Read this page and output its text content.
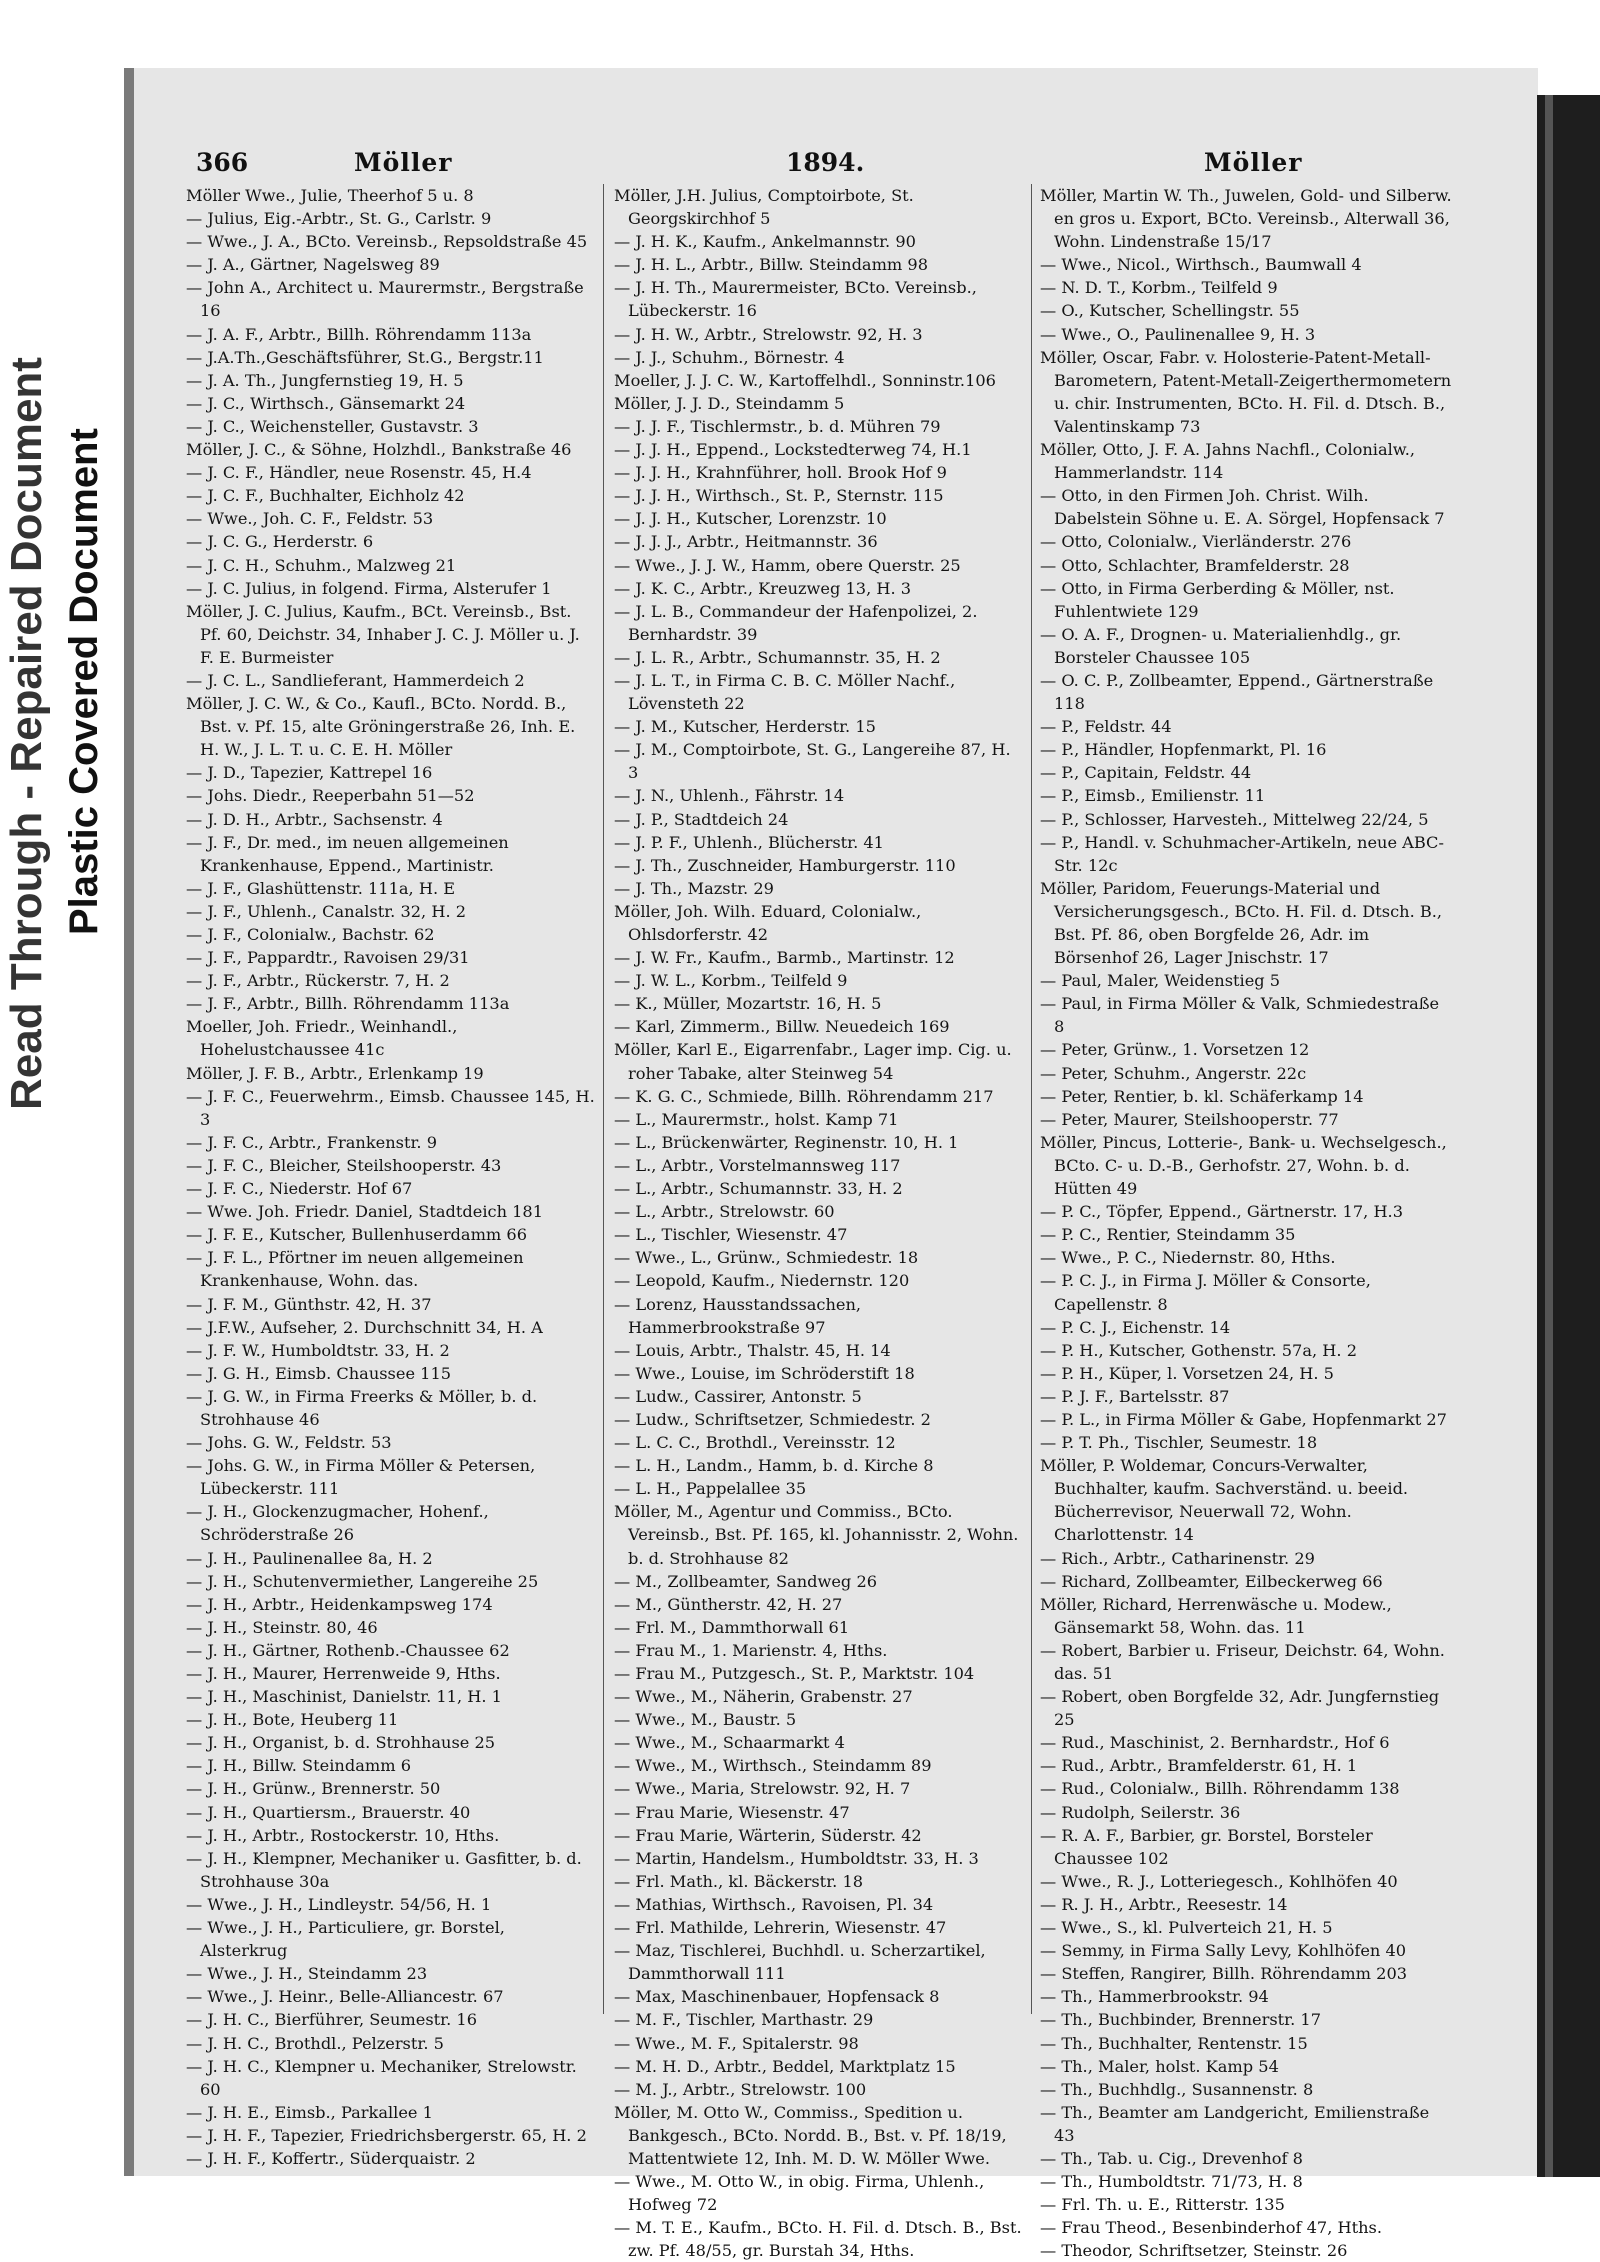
Read Through - Repaired Document Plastic Covered Document
366	Möller	1894.	Möller

Möller Wwe., Julie, Theerhof 5 u. 8

— Julius, Eig.-Arbtr., St. G., Carlstr. 9

— Wwe., J. A., BCto. Vereinsb., Repsoldstraße 45

— J. A., Gärtner, Nagelsweg 89

— John A., Architect u. Maurermstr., Bergstraße 16

— J. A. F., Arbtr., Billh. Röhrendamm 113a

— J.A.Th.,Geschäftsführer, St.G., Bergstr.11

— J. A. Th., Jungfernstieg 19, H. 5

— J. C., Wirthsch., Gänsemarkt 24

— J. C., Weichensteller, Gustavstr. 3

Möller, J. C., & Söhne, Holzhdl., Bankstraße 46

— J. C. F., Händler, neue Rosenstr. 45, H.4

— J. C. F., Buchhalter, Eichholz 42

— Wwe., Joh. C. F., Feldstr. 53

— J. C. G., Herderstr. 6

— J. C. H., Schuhm., Malzweg 21

— J. C. Julius, in folgend. Firma, Alsterufer 1

Möller, J. C. Julius, Kaufm., BCt. Vereinsb., Bst. Pf. 60, Deichstr. 34, Inhaber J. C. J. Möller u. J. F. E. Burmeister

— J. C. L., Sandlieferant, Hammerdeich 2

Möller, J. C. W., & Co., Kaufl., BCto. Nordd. B., Bst. v. Pf. 15, alte Gröningerstraße 26, Inh. E. H. W., J. L. T. u. C. E. H. Möller

— J. D., Tapezier, Kattrepel 16

— Johs. Diedr., Reeperbahn 51—52

— J. D. H., Arbtr., Sachsenstr. 4

— J. F., Dr. med., im neuen allgemeinen Krankenhause, Eppend., Martinistr.

— J. F., Glashüttenstr. 111a, H. E

— J. F., Uhlenh., Canalstr. 32, H. 2

— J. F., Colonialw., Bachstr. 62

— J. F., Pappardtr., Ravoisen 29/31

— J. F., Arbtr., Rückerstr. 7, H. 2

— J. F., Arbtr., Billh. Röhrendamm 113a

Moeller, Joh. Friedr., Weinhandl., Hohelustchaussee 41c

Möller, J. F. B., Arbtr., Erlenkamp 19

— J. F. C., Feuerwehrm., Eimsb. Chaussee 145, H. 3

— J. F. C., Arbtr., Frankenstr. 9

— J. F. C., Bleicher, Steilshooperstr. 43

— J. F. C., Niederstr. Hof 67

— Wwe. Joh. Friedr. Daniel, Stadtdeich 181

— J. F. E., Kutscher, Bullenhuserdamm 66

— J. F. L., Pförtner im neuen allgemeinen Krankenhause, Wohn. das.

— J. F. M., Günthstr. 42, H. 37

— J.F.W., Aufseher, 2. Durchschnitt 34, H. A

— J. F. W., Humboldtstr. 33, H. 2

— J. G. H., Eimsb. Chaussee 115

— J. G. W., in Firma Freerks & Möller, b. d. Strohhause 46

— Johs. G. W., Feldstr. 53

— Johs. G. W., in Firma Möller & Petersen, Lübeckerstr. 111

— J. H., Glockenzugmacher, Hohenf., Schröderstraße 26

— J. H., Paulinenallee 8a, H. 2

— J. H., Schutenvermiether, Langereihe 25

— J. H., Arbtr., Heidenkampsweg 174

— J. H., Steinstr. 80, 46

— J. H., Gärtner, Rothenb.-Chaussee 62

— J. H., Maurer, Herrenweide 9, Hths.

— J. H., Maschinist, Danielstr. 11, H. 1

— J. H., Bote, Heuberg 11

— J. H., Organist, b. d. Strohhause 25

— J. H., Billw. Steindamm 6

— J. H., Grünw., Brennerstr. 50

— J. H., Quartiersm., Brauerstr. 40

— J. H., Arbtr., Rostockerstr. 10, Hths.

— J. H., Klempner, Mechaniker u. Gasfitter, b. d. Strohhause 30a

— Wwe., J. H., Lindleystr. 54/56, H. 1

— Wwe., J. H., Particuliere, gr. Borstel, Alsterkrug

— Wwe., J. H., Steindamm 23

— Wwe., J. Heinr., Belle-Alliancestr. 67

— J. H. C., Bierführer, Seumestr. 16

— J. H. C., Brothdl., Pelzerstr. 5

— J. H. C., Klempner u. Mechaniker, Strelowstr. 60

— J. H. E., Eimsb., Parkallee 1

— J. H. F., Tapezier, Friedrichsbergerstr. 65, H. 2

— J. H. F., Koffertr., Süderquaistr. 2

Möller, J.H. Julius, Comptoirbote, St. Georgskirchhof 5

— J. H. K., Kaufm., Ankelmannstr. 90

— J. H. L., Arbtr., Billw. Steindamm 98

— J. H. Th., Maurermeister, BCto. Vereinsb., Lübeckerstr. 16

— J. H. W., Arbtr., Strelowstr. 92, H. 3

— J. J., Schuhm., Börnestr. 4

Moeller, J. J. C. W., Kartoffelhdl., Sonninstr.106

Möller, J. J. D., Steindamm 5

— J. J. F., Tischlermstr., b. d. Mühren 79

— J. J. H., Eppend., Lockstedterweg 74, H.1

— J. J. H., Krahnführer, holl. Brook Hof 9

— J. J. H., Wirthsch., St. P., Sternstr. 115

— J. J. H., Kutscher, Lorenzstr. 10

— J. J. J., Arbtr., Heitmannstr. 36

— Wwe., J. J. W., Hamm, obere Querstr. 25

— J. K. C., Arbtr., Kreuzweg 13, H. 3

— J. L. B., Commandeur der Hafenpolizei, 2. Bernhardstr. 39

— J. L. R., Arbtr., Schumannstr. 35, H. 2

— J. L. T., in Firma C. B. C. Möller Nachf., Lövensteth 22

— J. M., Kutscher, Herderstr. 15

— J. M., Comptoirbote, St. G., Langereihe 87, H. 3

— J. N., Uhlenh., Fährstr. 14

— J. P., Stadtdeich 24

— J. P. F., Uhlenh., Blücherstr. 41

— J. Th., Zuschneider, Hamburgerstr. 110

— J. Th., Mazstr. 29

Möller, Joh. Wilh. Eduard, Colonialw., Ohlsdorferstr. 42

— J. W. Fr., Kaufm., Barmb., Martinstr. 12

— J. W. L., Korbm., Teilfeld 9

— K., Müller, Mozartstr. 16, H. 5

— Karl, Zimmerm., Billw. Neuedeich 169

Möller, Karl E., Eigarrenfabr., Lager imp. Cig. u. roher Tabake, alter Steinweg 54

— K. G. C., Schmiede, Billh. Röhrendamm 217

— L., Maurermstr., holst. Kamp 71

— L., Brückenwärter, Reginenstr. 10, H. 1

— L., Arbtr., Vorstelmannsweg 117

— L., Arbtr., Schumannstr. 33, H. 2

— L., Arbtr., Strelowstr. 60

— L., Tischler, Wiesenstr. 47

— Wwe., L., Grünw., Schmiedestr. 18

— Leopold, Kaufm., Niedernstr. 120

— Lorenz, Hausstandssachen, Hammerbrookstraße 97

— Louis, Arbtr., Thalstr. 45, H. 14

— Wwe., Louise, im Schröderstift 18

— Ludw., Cassirer, Antonstr. 5

— Ludw., Schriftsetzer, Schmiedestr. 2

— L. C. C., Brothdl., Vereinsstr. 12

— L. H., Landm., Hamm, b. d. Kirche 8

— L. H., Pappelallee 35

Möller, M., Agentur und Commiss., BCto. Vereinsb., Bst. Pf. 165, kl. Johannisstr. 2, Wohn. b. d. Strohhause 82

— M., Zollbeamter, Sandweg 26

— M., Güntherstr. 42, H. 27

— Frl. M., Dammthorwall 61

— Frau M., 1. Marienstr. 4, Hths.

— Frau M., Putzgesch., St. P., Marktstr. 104

— Wwe., M., Näherin, Grabenstr. 27

— Wwe., M., Baustr. 5

— Wwe., M., Schaarmarkt 4

— Wwe., M., Wirthsch., Steindamm 89

— Wwe., Maria, Strelowstr. 92, H. 7

— Frau Marie, Wiesenstr. 47

— Frau Marie, Wärterin, Süderstr. 42

— Martin, Handelsm., Humboldtstr. 33, H. 3

— Frl. Math., kl. Bäckerstr. 18

— Mathias, Wirthsch., Ravoisen, Pl. 34

— Frl. Mathilde, Lehrerin, Wiesenstr. 47

— Maz, Tischlerei, Buchhdl. u. Scherzartikel, Dammthorwall 111

— Max, Maschinenbauer, Hopfensack 8

— M. F., Tischler, Marthastr. 29

— Wwe., M. F., Spitalerstr. 98

— M. H. D., Arbtr., Beddel, Marktplatz 15

— M. J., Arbtr., Strelowstr. 100

Möller, M. Otto W., Commiss., Spedition u. Bankgesch., BCto. Nordd. B., Bst. v. Pf. 18/19, Mattentwiete 12, Inh. M. D. W. Möller Wwe.

— Wwe., M. Otto W., in obig. Firma, Uhlenh., Hofweg 72

— M. T. E., Kaufm., BCto. H. Fil. d. Dtsch. B., Bst. zw. Pf. 48/55, gr. Burstah 34, Hths.

Möller, Martin W. Th., Juwelen, Gold- und Silberw. en gros u. Export, BCto. Vereinsb., Alterwall 36, Wohn. Lindenstraße 15/17

— Wwe., Nicol., Wirthsch., Baumwall 4

— N. D. T., Korbm., Teilfeld 9

— O., Kutscher, Schellingstr. 55

— Wwe., O., Paulinenallee 9, H. 3

Möller, Oscar, Fabr. v. Holosterie-Patent-Metall-Barometern, Patent-Metall-Zeigerthermometern u. chir. Instrumenten, BCto. H. Fil. d. Dtsch. B., Valentinskamp 73

Möller, Otto, J. F. A. Jahns Nachfl., Colonialw., Hammerlandstr. 114

— Otto, in den Firmen Joh. Christ. Wilh. Dabelstein Söhne u. E. A. Sörgel, Hopfensack 7

— Otto, Colonialw., Vierländerstr. 276

— Otto, Schlachter, Bramfelderstr. 28

— Otto, in Firma Gerberding & Möller, nst. Fuhlentwiete 129

— O. A. F., Drognen- u. Materialienhdlg., gr. Borsteler Chaussee 105

— O. C. P., Zollbeamter, Eppend., Gärtnerstraße 118

— P., Feldstr. 44

— P., Händler, Hopfenmarkt, Pl. 16

— P., Capitain, Feldstr. 44

— P., Eimsb., Emilienstr. 11

— P., Schlosser, Harvesteh., Mittelweg 22/24, 5

— P., Handl. v. Schuhmacher-Artikeln, neue ABC-Str. 12c

Möller, Paridom, Feuerungs-Material und Versicherungsgesch., BCto. H. Fil. d. Dtsch. B., Bst. Pf. 86, oben Borgfelde 26, Adr. im Börsenhof 26, Lager Jnischstr. 17

— Paul, Maler, Weidenstieg 5

— Paul, in Firma Möller & Valk, Schmiedestraße 8

— Peter, Grünw., 1. Vorsetzen 12

— Peter, Schuhm., Angerstr. 22c

— Peter, Rentier, b. kl. Schäferkamp 14

— Peter, Maurer, Steilshooperstr. 77

Möller, Pincus, Lotterie-, Bank- u. Wechselgesch., BCto. C- u. D.-B., Gerhofstr. 27, Wohn. b. d. Hütten 49

— P. C., Töpfer, Eppend., Gärtnerstr. 17, H.3

— P. C., Rentier, Steindamm 35

— Wwe., P. C., Niedernstr. 80, Hths.

— P. C. J., in Firma J. Möller & Consorte, Capellenstr. 8

— P. C. J., Eichenstr. 14

— P. H., Kutscher, Gothenstr. 57a, H. 2

— P. H., Küper, l. Vorsetzen 24, H. 5

— P. J. F., Bartelsstr. 87

— P. L., in Firma Möller & Gabe, Hopfenmarkt 27

— P. T. Ph., Tischler, Seumestr. 18

Möller, P. Woldemar, Concurs-Verwalter, Buchhalter, kaufm. Sachverständ. u. beeid. Bücherrevisor, Neuerwall 72, Wohn. Charlottenstr. 14

— Rich., Arbtr., Catharinenstr. 29

— Richard, Zollbeamter, Eilbeckerweg 66

Möller, Richard, Herrenwäsche u. Modew., Gänsemarkt 58, Wohn. das. 11

— Robert, Barbier u. Friseur, Deichstr. 64, Wohn. das. 51

— Robert, oben Borgfelde 32, Adr. Jungfernstieg 25

— Rud., Maschinist, 2. Bernhardstr., Hof 6

— Rud., Arbtr., Bramfelderstr. 61, H. 1

— Rud., Colonialw., Billh. Röhrendamm 138

— Rudolph, Seilerstr. 36

— R. A. F., Barbier, gr. Borstel, Borsteler Chaussee 102

— Wwe., R. J., Lotteriegesch., Kohlhöfen 40

— R. J. H., Arbtr., Reesestr. 14

— Wwe., S., kl. Pulverteich 21, H. 5

— Semmy, in Firma Sally Levy, Kohlhöfen 40

— Steffen, Rangirer, Billh. Röhrendamm 203

— Th., Hammerbrookstr. 94

— Th., Buchbinder, Brennerstr. 17

— Th., Buchhalter, Rentenstr. 15

— Th., Maler, holst. Kamp 54

— Th., Buchhdlg., Susannenstr. 8

— Th., Beamter am Landgericht, Emilienstraße 43

— Th., Tab. u. Cig., Drevenhof 8

— Th., Humboldtstr. 71/73, H. 8

— Frl. Th. u. E., Ritterstr. 135

— Frau Theod., Besenbinderhof 47, Hths.

— Theodor, Schriftsetzer, Steinstr. 26
